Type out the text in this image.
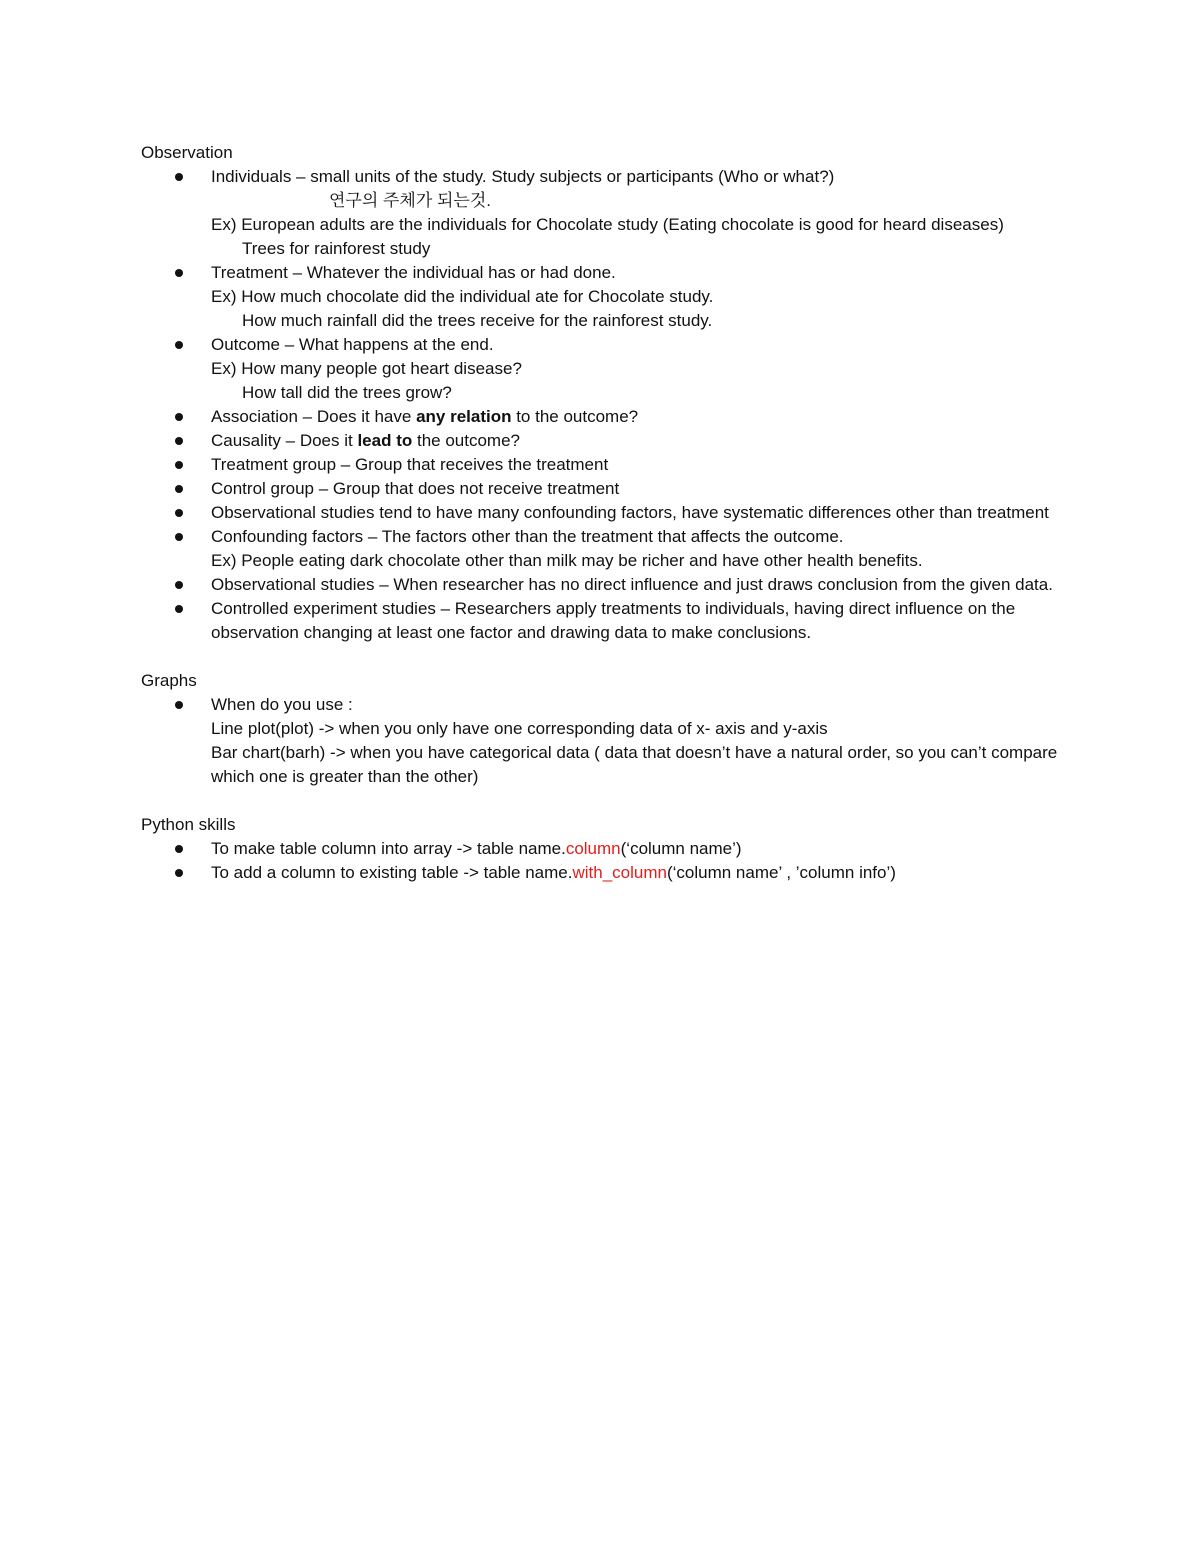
Observation
Individuals – small units of the study. Study subjects or participants (Who or what?)
연구의 주체가 되는것.
Ex) European adults are the individuals for Chocolate study (Eating chocolate is good for heard diseases)
Trees for rainforest study
Treatment – Whatever the individual has or had done.
Ex) How much chocolate did the individual ate for Chocolate study.
How much rainfall did the trees receive for the rainforest study.
Outcome – What happens at the end.
Ex) How many people got heart disease?
How tall did the trees grow?
Association – Does it have any relation to the outcome?
Causality – Does it lead to the outcome?
Treatment group – Group that receives the treatment
Control group – Group that does not receive treatment
Observational studies tend to have many confounding factors, have systematic differences other than treatment
Confounding factors – The factors other than the treatment that affects the outcome.
Ex) People eating dark chocolate other than milk may be richer and have other health benefits.
Observational studies – When researcher has no direct influence and just draws conclusion from the given data.
Controlled experiment studies – Researchers apply treatments to individuals, having direct influence on the observation changing at least one factor and drawing data to make conclusions.
Graphs
When do you use :
Line plot(plot) -> when you only have one corresponding data of x- axis and y-axis
Bar chart(barh) -> when you have categorical data ( data that doesn’t have a natural order, so you can’t compare which one is greater than the other)
Python skills
To make table column into array -> table name.column(‘column name’)
To add a column to existing table -> table name.with_column(‘column name’ , ’column info’)
